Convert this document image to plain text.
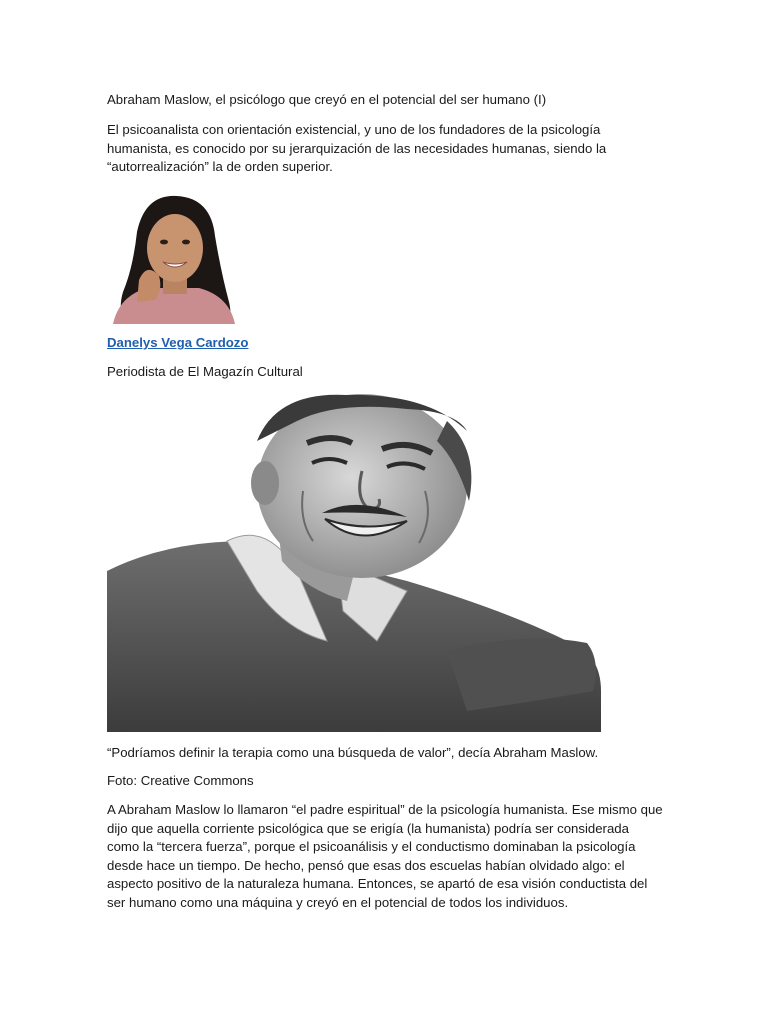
Abraham Maslow, el psicólogo que creyó en el potencial del ser humano (I)

El psicoanalista con orientación existencial, y uno de los fundadores de la psicología humanista, es conocido por su jerarquización de las necesidades humanas, siendo la “autorrealización” la de orden superior.

Danelys Vega Cardozo

Periodista de El Magazín Cultural

“Podríamos definir la terapia como una búsqueda de valor”, decía Abraham Maslow.

Foto: Creative Commons

A Abraham Maslow lo llamaron “el padre espiritual” de la psicología humanista. Ese mismo que dijo que aquella corriente psicológica que se erigía (la humanista) podría ser considerada como la “tercera fuerza”, porque el psicoanálisis y el conductismo dominaban la psicología desde hace un tiempo. De hecho, pensó que esas dos escuelas habían olvidado algo: el aspecto positivo de la naturaleza humana. Entonces, se apartó de esa visión conductista del ser humano como una máquina y creyó en el potencial de todos los individuos.
